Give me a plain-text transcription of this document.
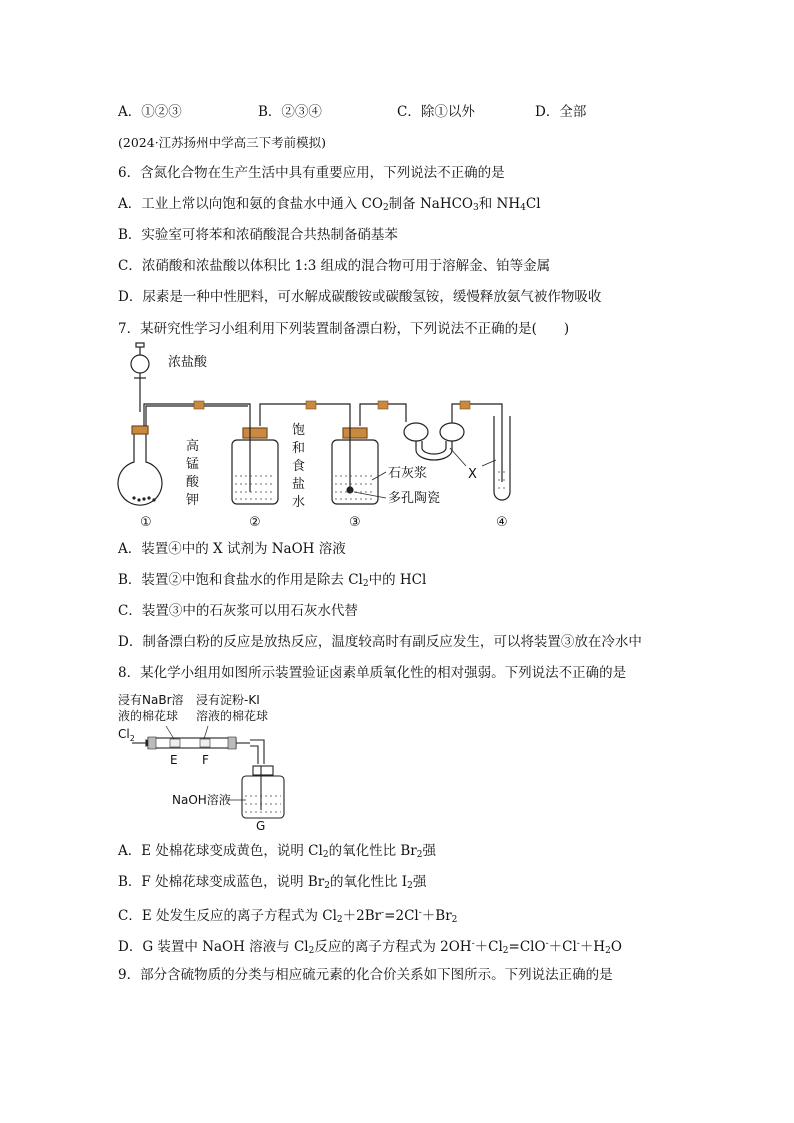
A．①②③	B．②③④	C．除①以外	D．全部
(2024·江苏扬州中学高三下考前模拟)
6．含氮化合物在生产生活中具有重要应用，下列说法不正确的是
A．工业上常以向饱和氨的食盐水中通入 $CO_2$制备 NaHCO$_3$和 $NH_4Cl$
B．实验室可将苯和浓硝酸混合共热制备硝基苯
C．浓硝酸和浓盐酸以体积比 1:3 组成的混合物可用于溶解金、铂等金属
D．尿素是一种中性肥料，可水解成碳酸铵或碳酸氢铵，缓慢释放氨气被作物吸收
7．某研究性学习小组利用下列装置制备漂白粉，下列说法不正确的是(　　)
浓盐酸
高
锰
酸
钾
饱
和
食
盐
水
石灰浆
多孔陶瓷
X
①	②	③	④
A．装置④中的 X 试剂为 NaOH 溶液
B．装置②中饱和食盐水的作用是除去 $Cl_2$中的 HCl
C．装置③中的石灰浆可以用石灰水代替
D．制备漂白粉的反应是放热反应，温度较高时有副反应发生，可以将装置③放在冷水中
8．某化学小组用如图所示装置验证卤素单质氧化性的相对强弱。下列说法不正确的是
浸有NaBr溶
液的棉花球
浸有淀粉-KI
溶液的棉花球
$Cl_2$
E F
NaOH溶液
G
A．E 处棉花球变成黄色，说明 $Cl_2$的氧化性比 $Br_2$强
B．F 处棉花球变成蓝色，说明 $Br_2$的氧化性比 $I_2$强
C．E 处发生反应的离子方程式为 $Cl_2+2Br^-=2Cl^-+Br_2$
D．G 装置中 NaOH 溶液与 $Cl_2$反应的离子方程式为 $2OH^-+Cl_2=ClO^-+Cl^-+H_2O$
9．部分含硫物质的分类与相应硫元素的化合价关系如下图所示。下列说法正确的是
